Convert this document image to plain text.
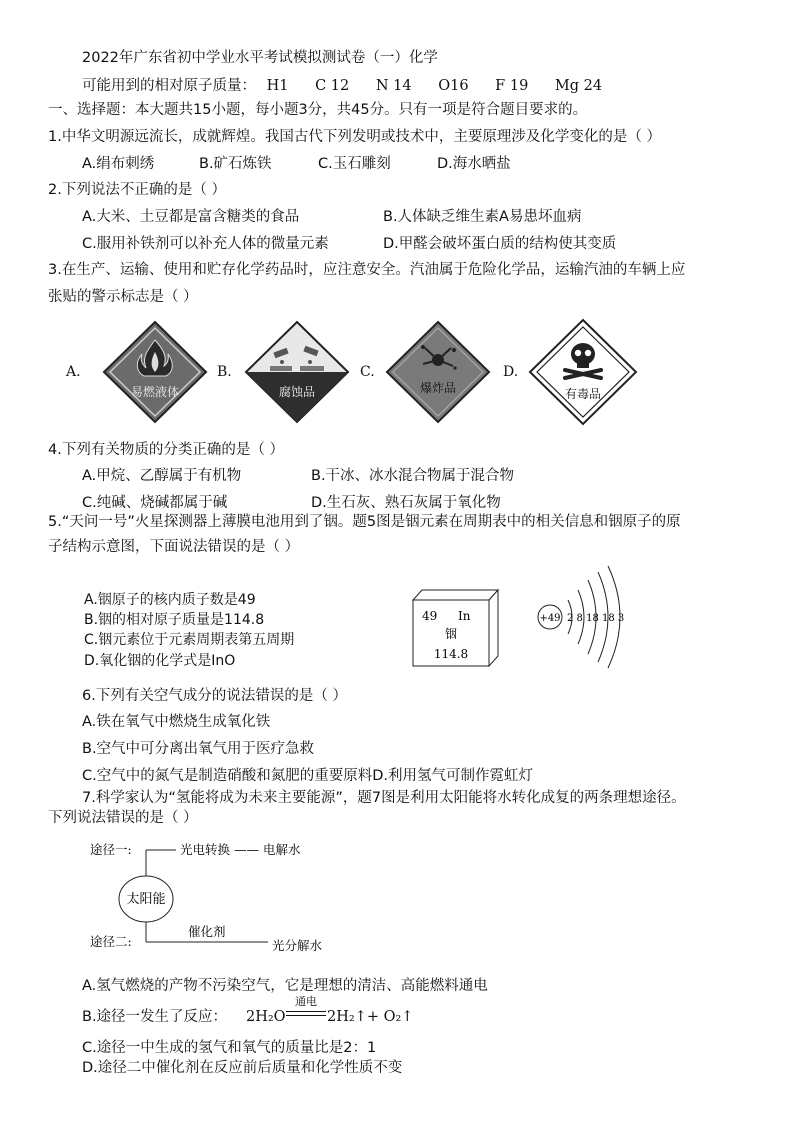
2022年广东省初中学业水平考试模拟测试卷（一）化学
可能用到的相对原子质量： H1 C 12 N 14 O16 F 19 Mg 24
一、选择题：本大题共15小题，每小题3分，共45分。只有一项是符合题目要求的。
1.中华文明源远流长，成就辉煌。我国古代下列发明或技术中，主要原理涉及化学变化的是（ ）
A.绢布刺绣	B.矿石炼铁	C.玉石雕刻	D.海水晒盐
2.下列说法不正确的是（ ）
A.大米、土豆都是富含糖类的食品	B.人体缺乏维生素A易患坏血病
C.服用补铁剂可以补充人体的微量元素	D.甲醛会破坏蛋白质的结构使其变质
3.在生产、运输、使用和贮存化学药品时，应注意安全。汽油属于危险化学品，运输汽油的车辆上应
张贴的警示标志是（ ）
A.
易燃液体
B.
腐蚀品
C.
爆炸品
D.
有毒品
4.下列有关物质的分类正确的是（ ）
A.甲烷、乙醇属于有机物	B.干冰、冰水混合物属于混合物
C.纯碱、烧碱都属于碱	D.生石灰、熟石灰属于氧化物
5.“天问一号”火星探测器上薄膜电池用到了铟。题5图是铟元素在周期表中的相关信息和铟原子的原
子结构示意图，下面说法错误的是（ ）
A.铟原子的核内质子数是49
B.铟的相对原子质量是114.8
C.铟元素位于元素周期表第五周期
D.氧化铟的化学式是InO
49 In
铟
114.8
+49 2 8 18 18 3
6.下列有关空气成分的说法错误的是（ ）
A.铁在氧气中燃烧生成氧化铁
B.空气中可分离出氧气用于医疗急救
C.空气中的氮气是制造硝酸和氮肥的重要原料D.利用氢气可制作霓虹灯
7.科学家认为“氢能将成为未来主要能源”，题7图是利用太阳能将水转化成复的两条理想途径。
下列说法错误的是（ ）
太阳能
途径一:	光电转换 —— 电解水
途径二:
催化剂
光分解水
A.氢气燃烧的产物不污染空气，它是理想的清洁、高能燃料通电
B.途径一发生了反应： 2H₂O
通电
2H₂↑+ O₂↑
C.途径一中生成的氢气和氧气的质量比是2：1
D.途径二中催化剂在反应前后质量和化学性质不变
